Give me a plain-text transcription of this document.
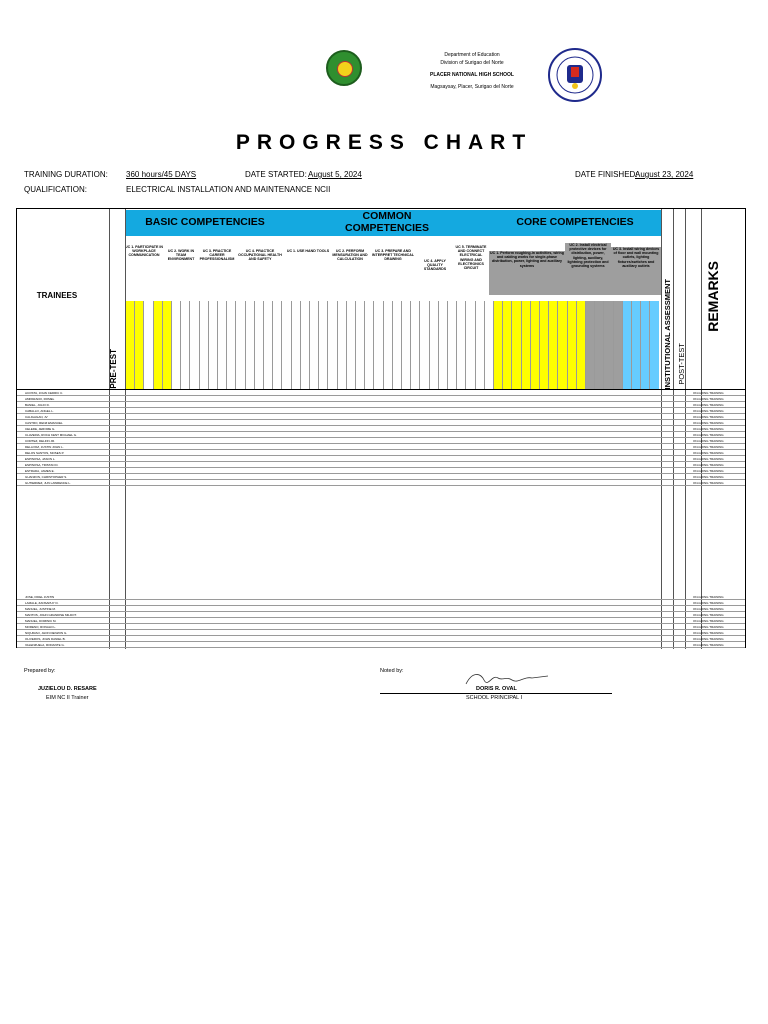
Department of Education
Division of Surigao del Norte
PLACER NATIONAL HIGH SCHOOL
Magsaysay, Placer, Surigao del Norte
PROGRESS CHART
TRAINING DURATION: 360 hours/45 DAYS	DATE STARTED: August 5, 2024	DATE FINISHED:
August 23, 2024
QUALIFICATION:	ELECTRICAL INSTALLATION AND MAINTENANCE NCII
BASIC COMPETENCIES	COMMON COMPETENCIES	CORE COMPETENCIES
UC 1. PARTICIPATE IN WORKPLACE COMMUNICATION
UC 2. WORK IN TEAM ENVIRONMENT
UC 3. PRACTICE CAREER PROFESSIONALISM
UC 4. PRACTICE OCCUPATIONAL HEALTH AND SAFETY
UC 1. USE HAND TOOLS	UC 2. PERFORM MENSURATION AND CALCULATION
UC 3. PREPARE AND INTERPRET TECHNICAL DRAWING	UC 4. APPLY QUALITY STANDARDS
UC 5. TERMINATE AND CONNECT ELECTRICAL WIRING AND ELECTRONICS CIRCUIT
UC 1. Perform roughing-in activities, wiring and cabling works for single-phase distribution, power, lighting and auxiliary systems
UC 2. Install electrical protective devices for distribution, power, lighting, auxiliary, lightning protection and grounding systems
UC 3. Install wiring devices of floor and wall mounting outlets, lighting fixtures/switches and auxiliary outlets
TRAINEES
PRE-TEST	INSTITUTIONAL ASSESSMENT POST-TEST
REMARKS
ACOSTA, JOHN CEDRIC C.	ON-GOING TRAINING
AMPARADO, ROMEL	ON-GOING TRAINING
BANIEL, JULIO D.	ON-GOING TRAINING
CABALLO, ANGEL L.	ON-GOING TRAINING
CALIGAGAN, JV	ON-GOING TRAINING
CASTRO, RENZ EMANUEL	ON-GOING TRAINING
CELEDE, JEROME G.	ON-GOING TRAINING
CLAVERIA, ROCH KENT MICHAEL G.	ON-GOING TRAINING
CORTEZ, DELFIN JR.	ON-GOING TRAINING
DELA PAZ, JUSTIN JOHN L.	ON-GOING TRAINING
DELOS SANTOS, MOSES P.	ON-GOING TRAINING
ESPINOSA, JASON L.	ON-GOING TRAINING
ESPINOSA, TRISTAN D.	ON-GOING TRAINING
ESTRADA, JAMES E.	ON-GOING TRAINING
GUANZON, CHRISTOPHER S.	ON-GOING TRAINING
GUTIERREZ, JUN LAWRENCE L.	ON-GOING TRAINING
JOSE, FIDEL JUSTIN	ON-GOING TRAINING
LAMALE, ZANSAPHY D.	ON-GOING TRAINING
MANUEL, JUSTINE M.	ON-GOING TRAINING
MANTOS, JOHN GRANDISE MILDOT.	ON-GOING TRAINING
MANUEL, DOMINIC M.	ON-GOING TRAINING
MORENO, RONALD L.	ON-GOING TRAINING
NIQUIRAO, JHON DENZON G.	ON-GOING TRAINING
OLIVEROS, JOHN DANIEL B.	ON-GOING TRAINING
VALENZUELA, RODANTE G.	ON-GOING TRAINING
Prepared by:
JUZIELOU D. RESARE
EIM NC II Trainer
Noted by:
DORIS R. OVAL
SCHOOL PRINCIPAL I
